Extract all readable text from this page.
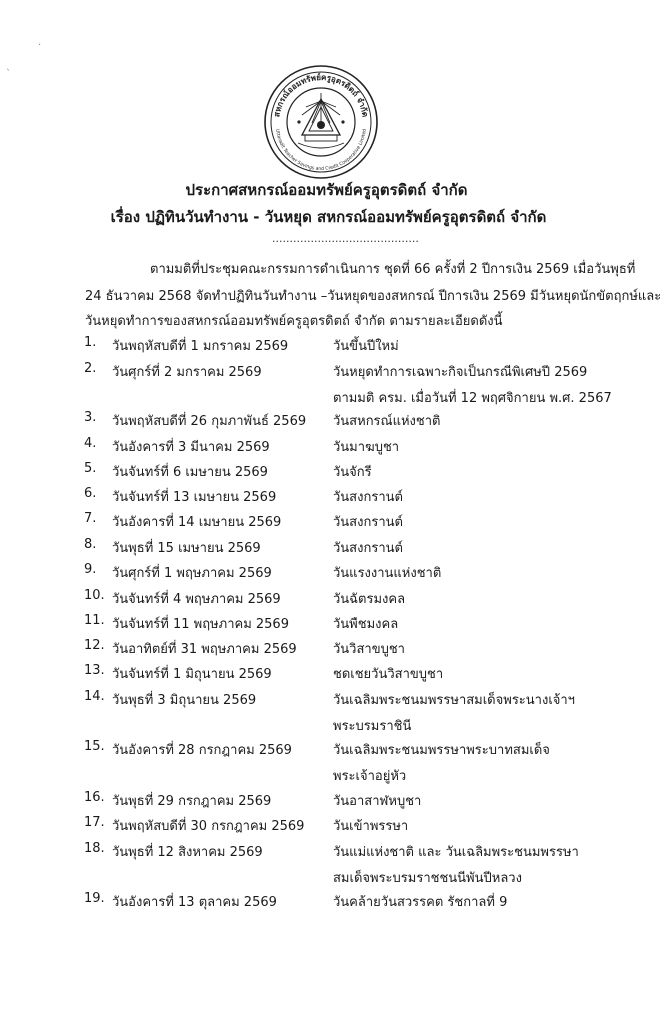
·
ˎ
สหกรณ์ออมทรัพย์ครูอุตรดิตถ์ จำกัด
Uttaradit Teacher Savings and Credit Cooperative Limited
ประกาศสหกรณ์ออมทรัพย์ครูอุตรดิตถ์ จำกัด
เรื่อง ปฏิทินวันทำงาน - วันหยุด สหกรณ์ออมทรัพย์ครูอุตรดิตถ์ จำกัด
..........................................
ตามมติที่ประชุมคณะกรรมการดำเนินการ ชุดที่ 66 ครั้งที่ 2 ปีการเงิน 2569 เมื่อวันพุธที่
24 ธันวาคม 2568 จัดทำปฏิทินวันทำงาน –วันหยุดของสหกรณ์ ปีการเงิน 2569 มีวันหยุดนักขัตฤกษ์และ
วันหยุดทำการของสหกรณ์ออมทรัพย์ครูอุตรดิตถ์ จำกัด ตามรายละเอียดดังนี้
1. วันพฤหัสบดีที่ 1 มกราคม 2569	วันขึ้นปีใหม่
2. วันศุกร์ที่ 2 มกราคม 2569	วันหยุดทำการเฉพาะกิจเป็นกรณีพิเศษปี 2569
ตามมติ ครม. เมื่อวันที่ 12 พฤศจิกายน พ.ศ. 2567
3. วันพฤหัสบดีที่ 26 กุมภาพันธ์ 2569 วันสหกรณ์แห่งชาติ
4. วันอังคารที่ 3 มีนาคม 2569	วันมาฆบูชา
5. วันจันทร์ที่ 6 เมษายน 2569	วันจักรี
6. วันจันทร์ที่ 13 เมษายน 2569	วันสงกรานต์
7. วันอังคารที่ 14 เมษายน 2569	วันสงกรานต์
8. วันพุธที่ 15 เมษายน 2569	วันสงกรานต์
9. วันศุกร์ที่ 1 พฤษภาคม 2569	วันแรงงานแห่งชาติ
10. วันจันทร์ที่ 4 พฤษภาคม 2569	วันฉัตรมงคล
11. วันจันทร์ที่ 11 พฤษภาคม 2569	วันพืชมงคล
12. วันอาทิตย์ที่ 31 พฤษภาคม 2569	วันวิสาขบูชา
13. วันจันทร์ที่ 1 มิถุนายน 2569	ชดเชยวันวิสาขบูชา
14. วันพุธที่ 3 มิถุนายน 2569	วันเฉลิมพระชนมพรรษาสมเด็จพระนางเจ้าฯ
พระบรมราชินี
15. วันอังคารที่ 28 กรกฎาคม 2569	วันเฉลิมพระชนมพรรษาพระบาทสมเด็จ
พระเจ้าอยู่หัว
16. วันพุธที่ 29 กรกฎาคม 2569	วันอาสาฬหบูชา
17. วันพฤหัสบดีที่ 30 กรกฎาคม 2569 วันเข้าพรรษา
18. วันพุธที่ 12 สิงหาคม 2569	วันแม่แห่งชาติ และ วันเฉลิมพระชนมพรรษา
สมเด็จพระบรมราชชนนีพันปีหลวง
19. วันอังคารที่ 13 ตุลาคม 2569	วันคล้ายวันสวรรคต รัชกาลที่ 9
